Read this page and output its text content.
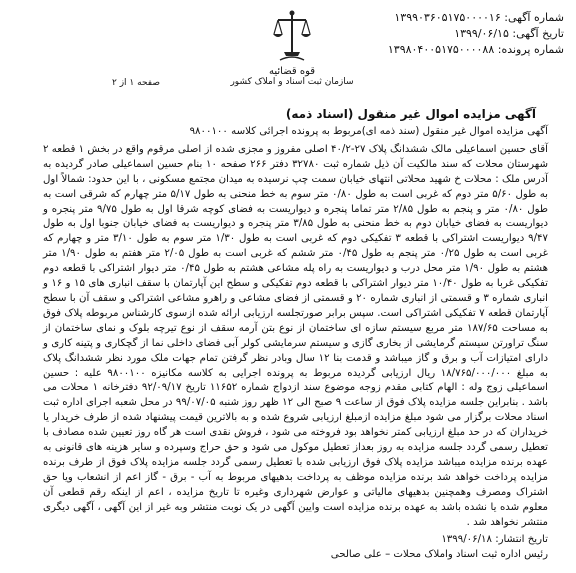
شماره آگهی: ۱۳۹۹۰۳۶۰۵۱۷۵۰۰۰۰۱۶
تاریخ آگهی: ۱۳۹۹/۰۶/۱۵
شماره پرونده: ۱۳۹۸۰۴۰۰۵۱۷۵۰۰۰۰۸۸
قوه قضائیه
سازمان ثبت اسناد و املاک کشور
صفحه ۱ از ۲
آگهی مزایده اموال غیر منقول (اسناد ذمه)

آگهی مزایده اموال غیر منقول (سند ذمه ای)مربوط به پرونده اجرائی کلاسه ۹۸۰۰۱۰۰

آقای حسین اسماعیلی مالک ششدانگ پلاک ۲۷-۴۰/۲ اصلی مفروز و مجزی شده از اصلی مرقوم واقع در بخش ۱ قطعه ۲ شهرستان محلات که سند مالکیت آن ذیل شماره ثبت ۳۲۷۸۰ دفتر ۲۶۶ صفحه ۱۰ بنام حسین اسماعیلی صادر گردیده به آدرس ملک : محلات خ شهید محلاتی انتهای خیابان سمت چپ نرسیده به میدان مجتمع مسکونی ، با این حدود: شمالاً اول به طول ۵/۶۰ متر دوم که غربی است به طول ۰/۸۰ متر سوم به خط منحنی به طول ۵/۱۷ متر چهارم که شرقی است به طول ۰/۸۰ متر و پنجم به طول ۲/۸۵ متر تماما پنجره و دیواریست به فضای کوچه شرقا اول به طول ۹/۷۵ متر پنجره و دیواریست به فضای خیابان دوم به خط منحنی به طول ۳/۸۵ متر پنجره و دیواریست به فضای خیابان جنوبا اول به طول ۹/۴۷ دیواریست اشتراکی با قطعه ۳ تفکیکی دوم که غربی است به طول ۱/۳۰ متر سوم به طول ۳/۱۰ متر و چهارم که غربی است به طول ۰/۲۵ متر پنجم به طول ۰/۴۵ متر ششم که غربی است به طول ۲/۰۵ متر هفتم به طول ۱/۹۰ متر هشتم به طول ۱/۹۰ متر محل درب و دیواریست به راه پله مشاعی هشتم به طول ۰/۴۵ متر دیوار اشتراکی با قطعه دوم تفکیکی غربا به طول ۱۰/۴۰ متر دیوار اشتراکی با قطعه دوم تفکیکی و سطح این آپارتمان با سقف انباری های ۱۵ و ۱۶ و انباری شماره ۳ و قسمتی از انباری شماره ۲۰ و قسمتی از فضای مشاعی و راهرو مشاعی اشتراکی و سقف آن با سطح آپارتمان قطعه ۷ تفکیکی اشتراکی است. سپس برابر صورتجلسه ارزیابی ارائه شده ازسوی کارشناس مربوطه پلاک فوق به مساحت ۱۸۷/۶۵ متر مربع سیستم سازه ای ساختمان از نوع بتن آرمه سقف از نوع تیرچه بلوک و نمای ساختمان از سنگ تراورتن سیستم گرمایشی از بخاری گازی و سیستم سرمایشی کولر آبی فضای داخلی نما از گچکاری و پتینه کاری و دارای امتیازات آب و برق و گاز میباشد و قدمت بنا ۱۲ سال وبادر نظر گرفتن تمام جهات ملک مورد نظر ششدانگ پلاک به مبلغ ۱۸/۷۶۵/۰۰۰/۰۰۰ ریال ارزیابی گردیده مربوط به پرونده اجرایی به کلاسه مکانیزه ۹۸۰۰۱۰۰ علیه : حسین اسماعیلی زوج وله : الهام کتابی مقدم زوجه موضوع سند ازدواج شماره ۱۱۶۵۲ تاریخ ۹۲/۰۹/۱۷ دفترخانه ۱ محلات می باشد . بنابراین جلسه مزایده پلاک فوق از ساعت ۹ صبح الی ۱۲ ظهر روز شنبه ۹۹/۰۷/۰۵ در محل شعبه اجرای اداره ثبت اسناد محلات برگزار می شود مبلغ مزایده ازمبلغ ارزیابی شروع شده و به بالاترین قیمت پیشنهاد شده از طرف خریدار یا خریداران که در حد مبلغ ارزیابی کمتر نخواهد بود فروخته می شود ، فروش نقدی است هر گاه روز تعیین شده مصادف با تعطیل رسمی گردد جلسه مزایده به روز بعداز تعطیل موکول می شود و حق حراج وسپرده و سایر هزینه های قانونی به عهده برنده مزایده میباشد مزایده پلاک فوق ارزیابی شده با تعطیل رسمی گردد جلسه مزایده پلاک فوق از طرف برنده مزایده پرداخت خواهد شد برنده مزایده موظف به پرداخت بدهیهای مربوط به آب - برق - گاز اعم از انشعاب ویا حق اشتراک ومصرف وهمچنین بدهیهای مالیاتی و عوارض شهرداری وغیره تا تاریخ مزایده ، اعم از اینکه رقم قطعی آن معلوم شده یا نشده باشد به عهده برنده مزایده است وایین آگهی در یک نوبت منتشر وبه غیر از این آگهی ، آگهی دیگری منتشر نخواهد شد .

تاریخ انتشار: ۱۳۹۹/۰۶/۱۸

رئیس اداره ثبت اسناد واملاک محلات – علی صالحی
